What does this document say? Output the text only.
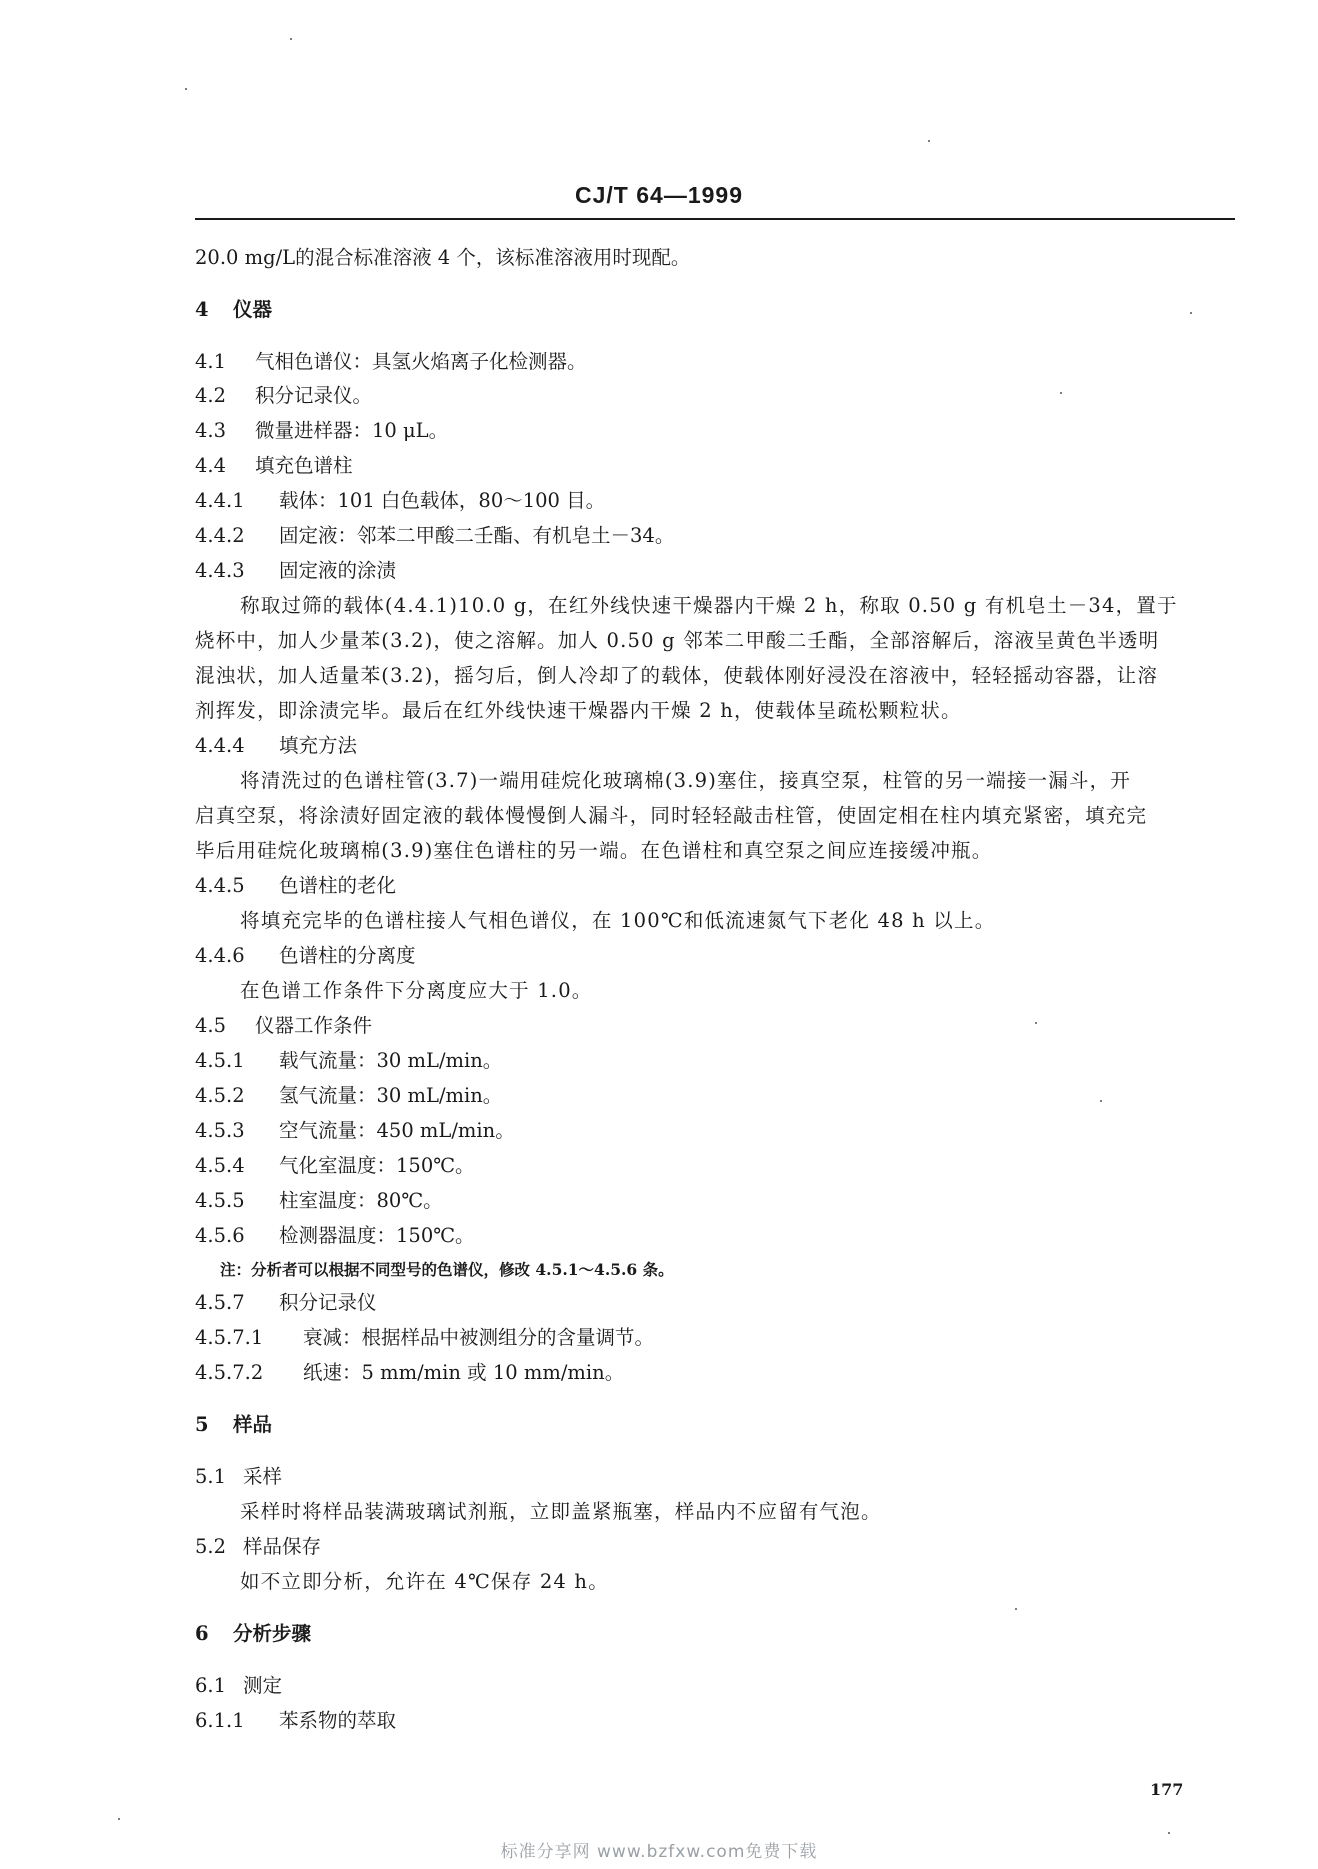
CJ/T 64—1999
20.0 mg/L的混合标准溶液 4 个，该标准溶液用时现配。
4 仪器
4.1 气相色谱仪：具氢火焰离子化检测器。
4.2 积分记录仪。
4.3 微量进样器：10 μL。
4.4 填充色谱柱
4.4.1 载体：101 白色载体，80～100 目。
4.4.2 固定液：邻苯二甲酸二壬酯、有机皂土－34。
4.4.3 固定液的涂渍
称取过筛的载体(4.4.1)10.0 g，在红外线快速干燥器内干燥 2 h，称取 0.50 g 有机皂土－34，置于
烧杯中，加人少量苯(3.2)，使之溶解。加人 0.50 g 邻苯二甲酸二壬酯，全部溶解后，溶液呈黄色半透明
混浊状，加人适量苯(3.2)，摇匀后，倒人冷却了的载体，使载体刚好浸没在溶液中，轻轻摇动容器，让溶
剂挥发，即涂渍完毕。最后在红外线快速干燥器内干燥 2 h，使载体呈疏松颗粒状。
4.4.4 填充方法
将清洗过的色谱柱管(3.7)一端用硅烷化玻璃棉(3.9)塞住，接真空泵，柱管的另一端接一漏斗，开
启真空泵，将涂渍好固定液的载体慢慢倒人漏斗，同时轻轻敲击柱管，使固定相在柱内填充紧密，填充完
毕后用硅烷化玻璃棉(3.9)塞住色谱柱的另一端。在色谱柱和真空泵之间应连接缓冲瓶。
4.4.5 色谱柱的老化
将填充完毕的色谱柱接人气相色谱仪，在 100℃和低流速氮气下老化 48 h 以上。
4.4.6 色谱柱的分离度
在色谱工作条件下分离度应大于 1.0。
4.5 仪器工作条件
4.5.1 载气流量：30 mL/min。
4.5.2 氢气流量：30 mL/min。
4.5.3 空气流量：450 mL/min。
4.5.4 气化室温度：150℃。
4.5.5 柱室温度：80℃。
4.5.6 检测器温度：150℃。
注：分析者可以根据不同型号的色谱仪，修改 4.5.1～4.5.6 条。
4.5.7 积分记录仪
4.5.7.1 衰减：根据样品中被测组分的含量调节。
4.5.7.2 纸速：5 mm/min 或 10 mm/min。
5 样品
5.1 采样
采样时将样品装满玻璃试剂瓶，立即盖紧瓶塞，样品内不应留有气泡。
5.2 样品保存
如不立即分析，允许在 4℃保存 24 h。
6 分析步骤
6.1 测定
6.1.1 苯系物的萃取
177
标准分享网 www.bzfxw.com免费下载
